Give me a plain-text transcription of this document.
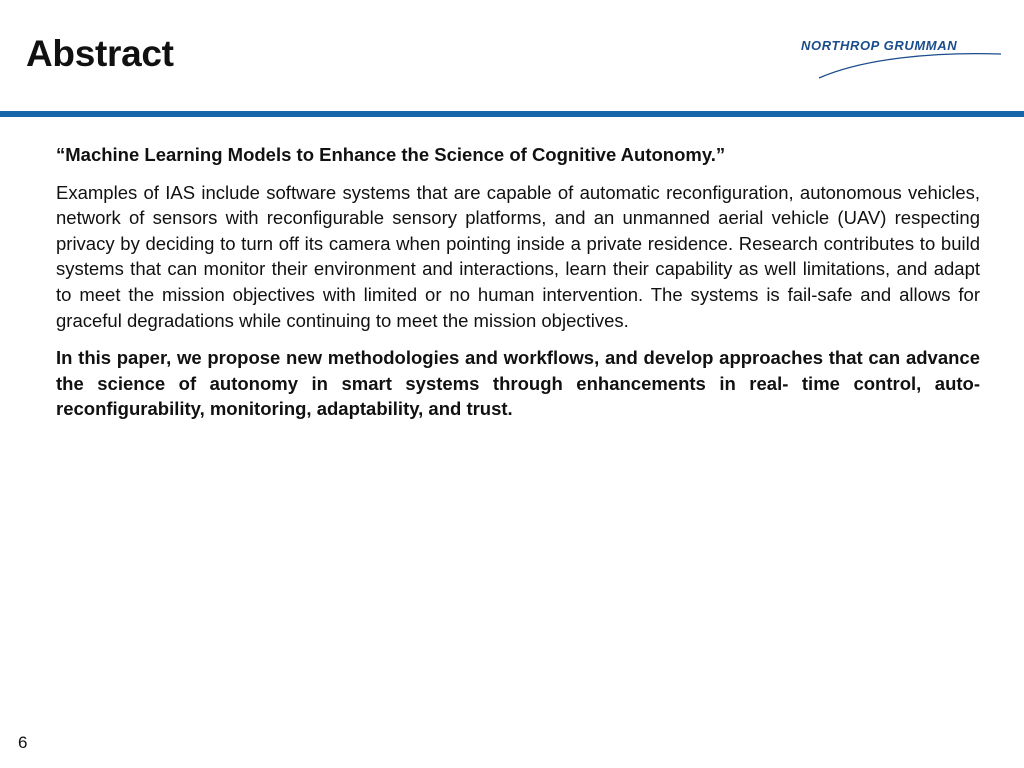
Abstract	NORTHROP GRUMMAN

“Machine Learning Models to Enhance the Science of Cognitive Autonomy.”

Examples of IAS include software systems that are capable of automatic reconfiguration, autonomous vehicles, network of sensors with reconfigurable sensory platforms, and an unmanned aerial vehicle (UAV) respecting privacy by deciding to turn off its camera when pointing inside a private residence. Research contributes to build systems that can monitor their environment and interactions, learn their capability as well limitations, and adapt to meet the mission objectives with limited or no human intervention. The systems is fail-safe and allows for graceful degradations while continuing to meet the mission objectives.

In this paper, we propose new methodologies and workflows, and develop approaches that can advance the science of autonomy in smart systems through enhancements in real- time control, auto-reconfigurability, monitoring, adaptability, and trust.

6
